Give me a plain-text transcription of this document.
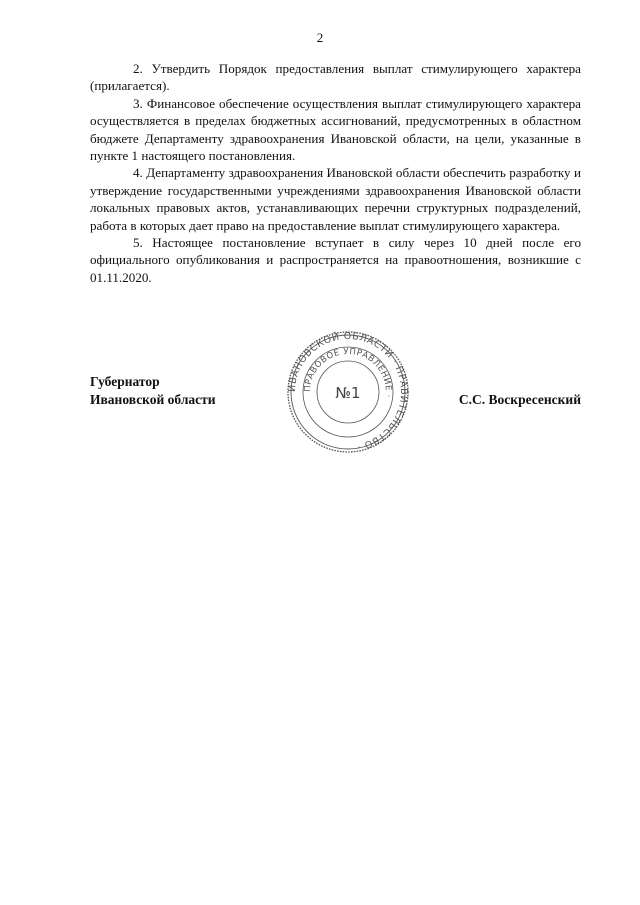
2

2. Утвердить Порядок предоставления выплат стимулирующего характера (прилагается).

3. Финансовое обеспечение осуществления выплат стимулирующего характера осуществляется в пределах бюджетных ассигнований, предусмотренных в областном бюджете Департаменту здравоохранения Ивановской области, на цели, указанные в пункте 1 настоящего постановления.

4. Департаменту здравоохранения Ивановской области обеспечить разработку и утверждение государственными учреждениями здравоохранения Ивановской области локальных правовых актов, устанавливающих перечни структурных подразделений, работа в которых дает право на предоставление выплат стимулирующего характера.

5. Настоящее постановление вступает в силу через 10 дней после его официального опубликования и распространяется на правоотношения, возникшие с 01.11.2020.

ИВАНОВСКОЙ ОБЛАСТИ · ПРАВИТЕЛЬСТВО ·
ПРАВОВОЕ УПРАВЛЕНИЕ ·
№1
Губернатор
Ивановской области	С.С. Воскресенский
